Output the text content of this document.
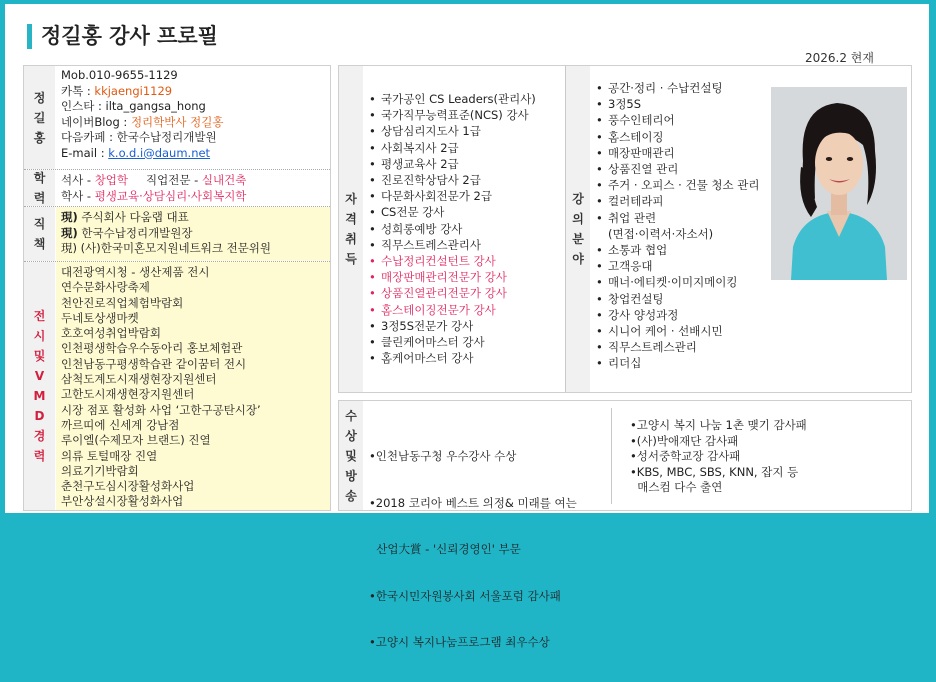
정길홍 강사 프로필
2026.2 현재
정길홍
Mob.010-9655-1129
카톡 : kkjaengi1129
인스타 : ilta_gangsa_hong
네이버Blog : 정리학박사 정길홍
다음카페 : 한국수납정리개발원
E-mail : k.o.d.i@daum.net
학력
석사 - 창업학 직업전문 - 실내건축
학사 - 평생교육·상담심리·사회복지학
직책
現) 주식회사 다움랩 대표
現) 한국수납정리개발원장
現) (사)한국미혼모지원네트워크 전문위원
전시 및 VMD 경력
대전광역시청 - 생산제품 전시
연수문화사랑축제
천안진로직업체험박람회
두네토상생마켓
호호여성취업박람회
인천평생학습우수동아리 홍보체험관
인천남동구평생학습관 같이꿈터 전시
삼척도계도시재생현장지원센터
고한도시재생현장지원센터
시장 점포 활성화 사업 ‘고한구공탄시장’
까르띠에 신세계 강남점
루이엘(수제모자 브랜드) 진열
의류 토털매장 진열
의료기기박람회
춘천구도심시장활성화사업
부안상설시장활성화사업
자격취득
• 국가공인 CS Leaders(관리사)
• 국가직무능력표준(NCS) 강사
• 상담심리지도사 1급
• 사회복지사 2급
• 평생교육사 2급
• 진로진학상담사 2급
• 다문화사회전문가 2급
• CS전문 강사
• 성희롱예방 강사
• 직무스트레스관리사
• 수납정리컨설턴트 강사
• 매장판매관리전문가 강사
• 상품진열관리전문가 강사
• 홈스테이징전문가 강사
• 3정5S전문가 강사
• 클린케어마스터 강사
• 홈케어마스터 강사
강의분야
• 공간·정리 · 수납컨설팅
• 3정5S
• 풍수인테리어
• 홈스테이징
• 매장판매관리
• 상품진열 관리
• 주거 · 오피스 · 건물 청소 관리
• 컬러테라피
• 취업 관련
(면접·이력서·자소서)
• 소통과 협업
• 고객응대
• 매너·에티켓·이미지메이킹
• 창업컨설팅
• 강사 양성과정
• 시니어 케어 · 선배시민
• 직무스트레스관리
• 리더십
수상및방송

•인천남동구청 우수강사 수상

•2018 코리아 베스트 의정& 미래를 여는

산업大賞 - '신뢰경영인' 부문

•한국시민자원봉사회 서울포럼 감사패

•고양시 복지나눔프로그램 최우수상

•고양시 복지 나눔 1촌 맺기 감사패
•(사)박애재단 감사패
•성서중학교장 감사패
•KBS, MBC, SBS, KNN, 잡지 등
매스컴 다수 출연
